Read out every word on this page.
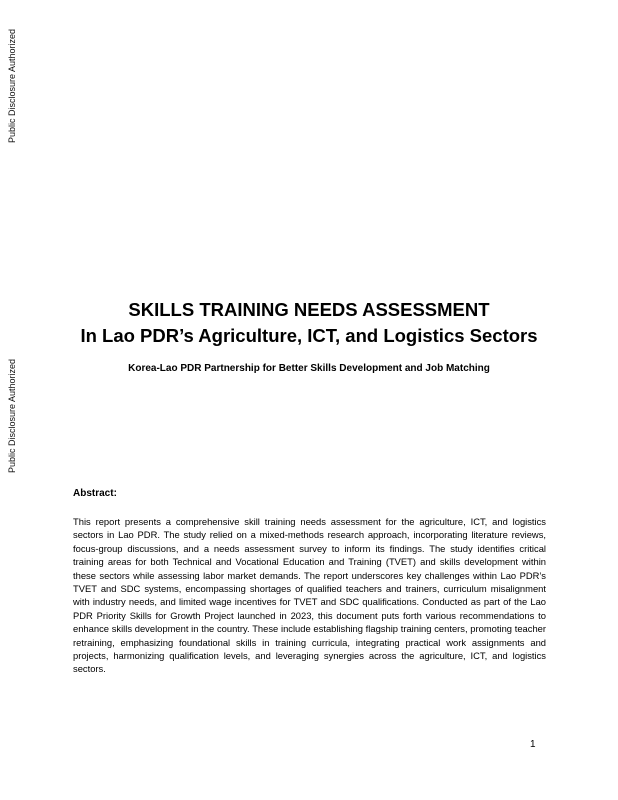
Public Disclosure Authorized
Public Disclosure Authorized
SKILLS TRAINING NEEDS ASSESSMENT
In Lao PDR’s Agriculture, ICT, and Logistics Sectors

Korea-Lao PDR Partnership for Better Skills Development and Job Matching

Abstract:

This report presents a comprehensive skill training needs assessment for the agriculture, ICT, and logistics sectors in Lao PDR. The study relied on a mixed-methods research approach, incorporating literature reviews, focus-group discussions, and a needs assessment survey to inform its findings. The study identifies critical training areas for both Technical and Vocational Education and Training (TVET) and skills development within these sectors while assessing labor market demands. The report underscores key challenges within Lao PDR’s TVET and SDC systems, encompassing shortages of qualified teachers and trainers, curriculum misalignment with industry needs, and limited wage incentives for TVET and SDC qualifications. Conducted as part of the Lao PDR Priority Skills for Growth Project launched in 2023, this document puts forth various recommendations to enhance skills development in the country. These include establishing flagship training centers, promoting teacher retraining, emphasizing foundational skills in training curricula, integrating practical work assignments and projects, harmonizing qualification levels, and leveraging synergies across the agriculture, ICT, and logistics sectors.

1
